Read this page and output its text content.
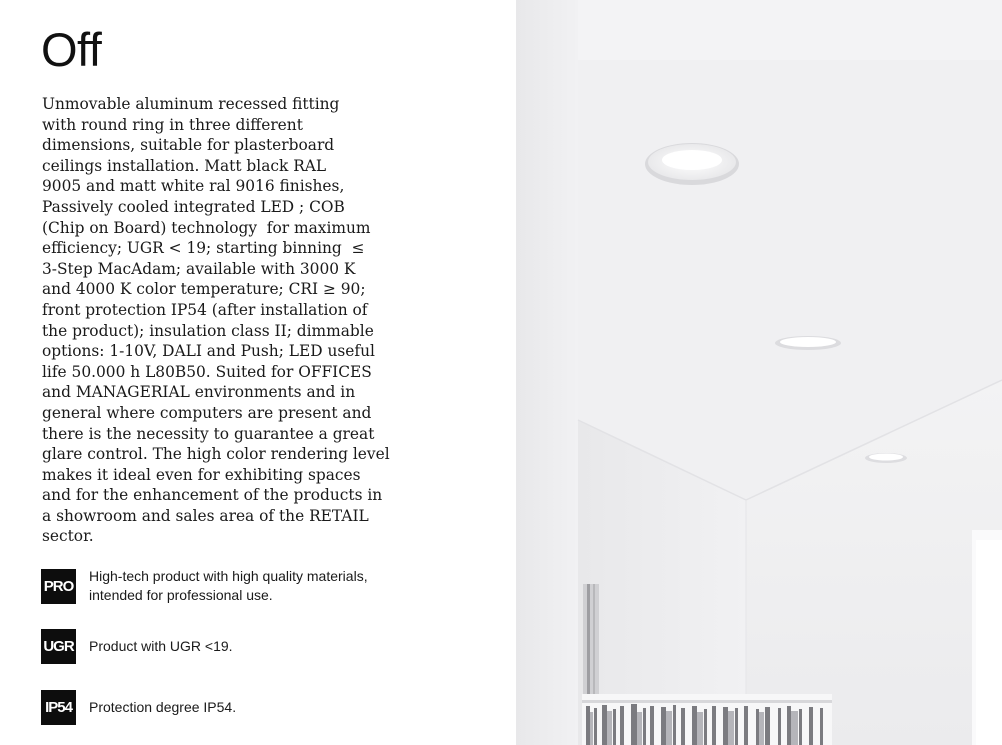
Off

Unmovable aluminum recessed fitting
with round ring in three different
dimensions, suitable for plasterboard
ceilings installation. Matt black RAL
9005 and matt white ral 9016 finishes,
Passively cooled integrated LED ; COB
(Chip on Board) technology  for maximum
efficiency; UGR < 19; starting binning  ≤
3-Step MacAdam; available with 3000 K
and 4000 K color temperature; CRI ≥ 90;
front protection IP54 (after installation of
the product); insulation class II; dimmable
options: 1-10V, DALI and Push; LED useful
life 50.000 h L80B50. Suited for OFFICES
and MANAGERIAL environments and in
general where computers are present and
there is the necessity to guarantee a great
glare control. The high color rendering level
makes it ideal even for exhibiting spaces
and for the enhancement of the products in
a showroom and sales area of the RETAIL
sector.

PRO
High-tech product with high quality materials,
intended for professional use.
UGR Product with UGR <19.
IP54 Protection degree IP54.
